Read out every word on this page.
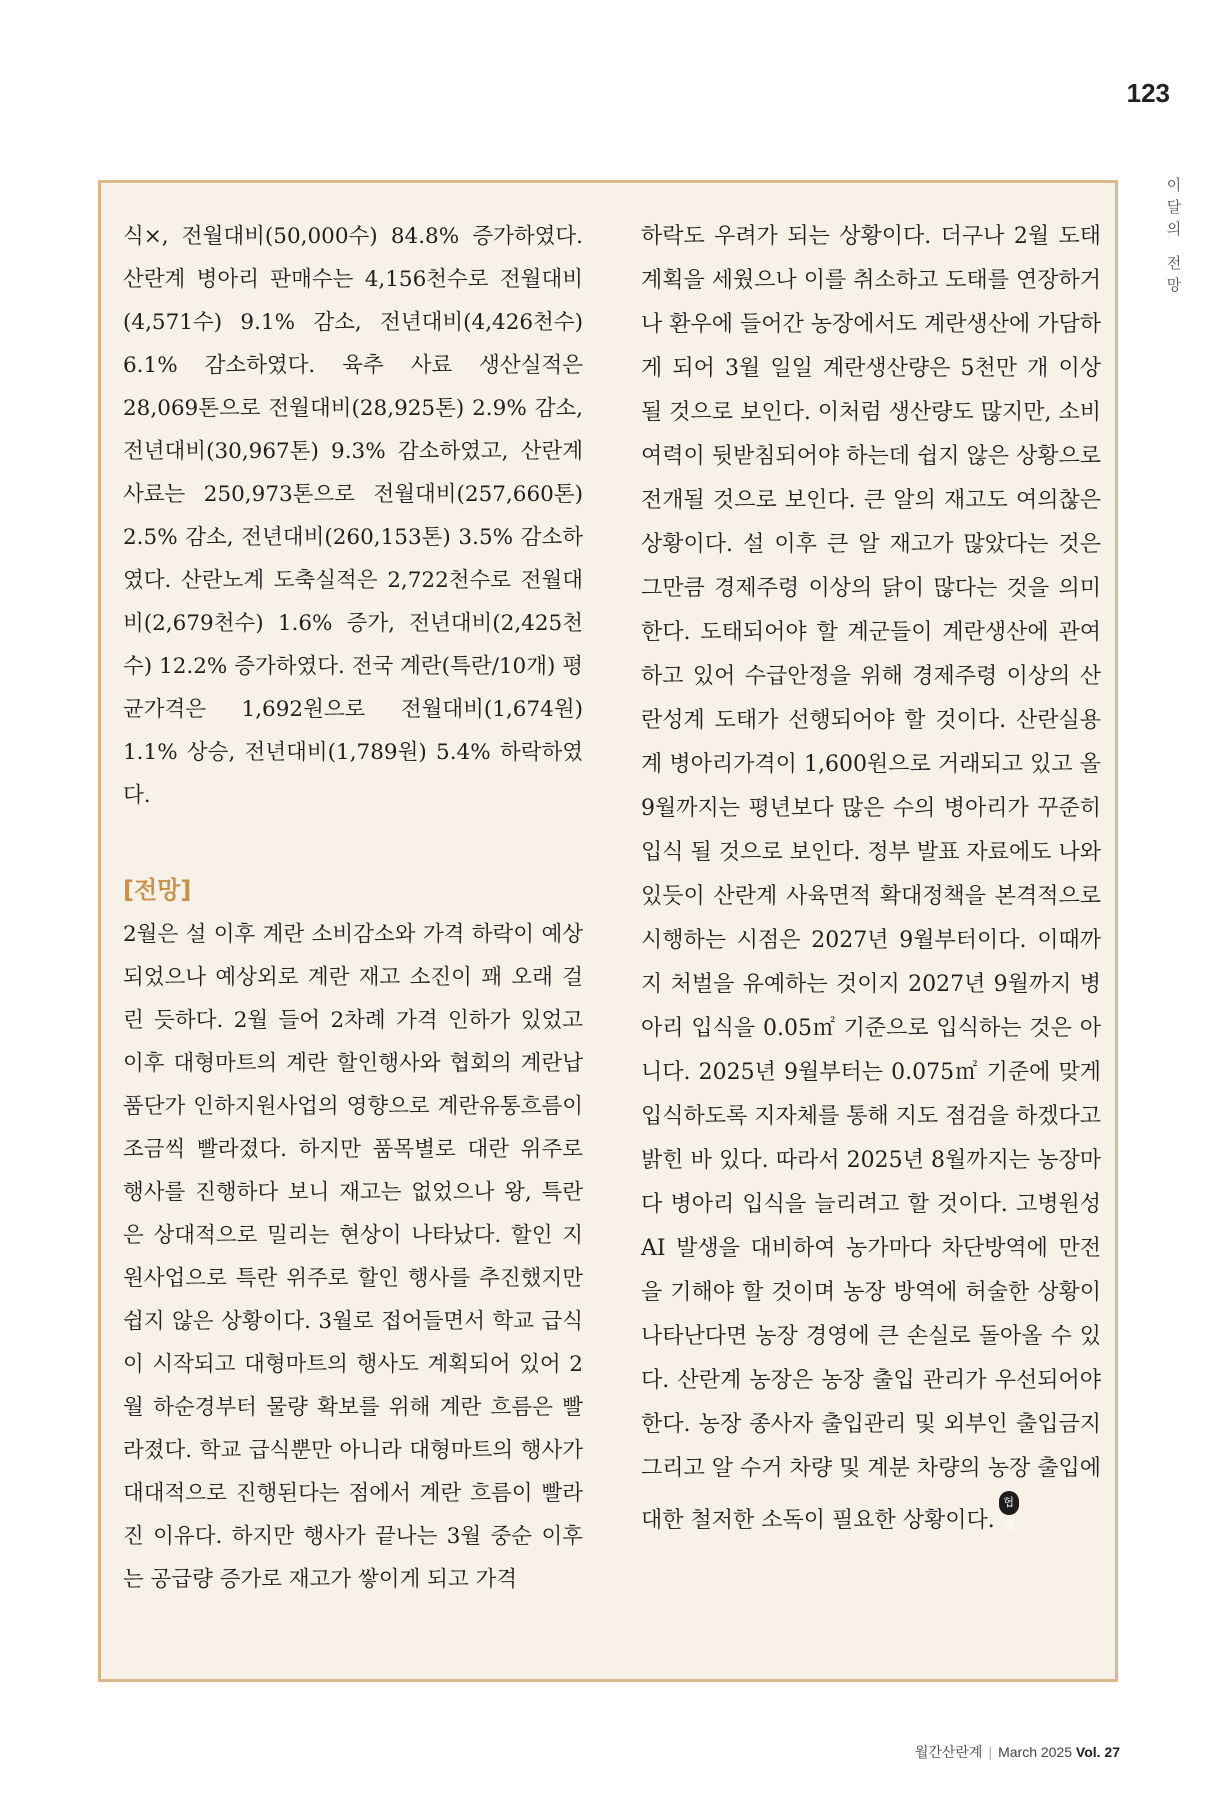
123
이
달
의
전
망

식×, 전월대비(50,000수) 84.8% 증가하였다. 산란계 병아리 판매수는 4,156천수로 전월대비(4,571수) 9.1% 감소, 전년대비(4,426천수) 6.1% 감소하였다. 육추 사료 생산실적은 28,069톤으로 전월대비(28,925톤) 2.9% 감소, 전년대비(30,967톤) 9.3% 감소하였고, 산란계 사료는 250,973톤으로 전월대비(257,660톤) 2.5% 감소, 전년대비(260,153톤) 3.5% 감소하였다. 산란노계 도축실적은 2,722천수로 전월대비(2,679천수) 1.6% 증가, 전년대비(2,425천수) 12.2% 증가하였다. 전국 계란(특란/10개) 평균가격은 1,692원으로 전월대비(1,674원) 1.1% 상승, 전년대비(1,789원) 5.4% 하락하였다.

[전망]

2월은 설 이후 계란 소비감소와 가격 하락이 예상되었으나 예상외로 계란 재고 소진이 꽤 오래 걸린 듯하다. 2월 들어 2차례 가격 인하가 있었고 이후 대형마트의 계란 할인행사와 협회의 계란납품단가 인하지원사업의 영향으로 계란유통흐름이 조금씩 빨라졌다. 하지만 품목별로 대란 위주로 행사를 진행하다 보니 재고는 없었으나 왕, 특란은 상대적으로 밀리는 현상이 나타났다. 할인 지원사업으로 특란 위주로 할인 행사를 추진했지만 쉽지 않은 상황이다. 3월로 접어들면서 학교 급식이 시작되고 대형마트의 행사도 계획되어 있어 2월 하순경부터 물량 확보를 위해 계란 흐름은 빨라졌다. 학교 급식뿐만 아니라 대형마트의 행사가 대대적으로 진행된다는 점에서 계란 흐름이 빨라진 이유다. 하지만 행사가 끝나는 3월 중순 이후는 공급량 증가로 재고가 쌓이게 되고 가격

하락도 우려가 되는 상황이다. 더구나 2월 도태계획을 세웠으나 이를 취소하고 도태를 연장하거나 환우에 들어간 농장에서도 계란생산에 가담하게 되어 3월 일일 계란생산량은 5천만 개 이상 될 것으로 보인다. 이처럼 생산량도 많지만, 소비 여력이 뒷받침되어야 하는데 쉽지 않은 상황으로 전개될 것으로 보인다. 큰 알의 재고도 여의찮은 상황이다. 설 이후 큰 알 재고가 많았다는 것은 그만큼 경제주령 이상의 닭이 많다는 것을 의미한다. 도태되어야 할 계군들이 계란생산에 관여하고 있어 수급안정을 위해 경제주령 이상의 산란성계 도태가 선행되어야 할 것이다. 산란실용계 병아리가격이 1,600원으로 거래되고 있고 올 9월까지는 평년보다 많은 수의 병아리가 꾸준히 입식 될 것으로 보인다. 정부 발표 자료에도 나와 있듯이 산란계 사육면적 확대정책을 본격적으로 시행하는 시점은 2027년 9월부터이다. 이때까지 처벌을 유예하는 것이지 2027년 9월까지 병아리 입식을 0.05㎡ 기준으로 입식하는 것은 아니다. 2025년 9월부터는 0.075㎡ 기준에 맞게 입식하도록 지자체를 통해 지도 점검을 하겠다고 밝힌 바 있다. 따라서 2025년 8월까지는 농장마다 병아리 입식을 늘리려고 할 것이다. 고병원성 AI 발생을 대비하여 농가마다 차단방역에 만전을 기해야 할 것이며 농장 방역에 허술한 상황이 나타난다면 농장 경영에 큰 손실로 돌아올 수 있다. 산란계 농장은 농장 출입 관리가 우선되어야 한다. 농장 종사자 출입관리 및 외부인 출입금지 그리고 알 수거 차량 및 계분 차량의 농장 출입에 대한 철저한 소독이 필요한 상황이다.협회

월간산란계 | March 2025 Vol. 27
